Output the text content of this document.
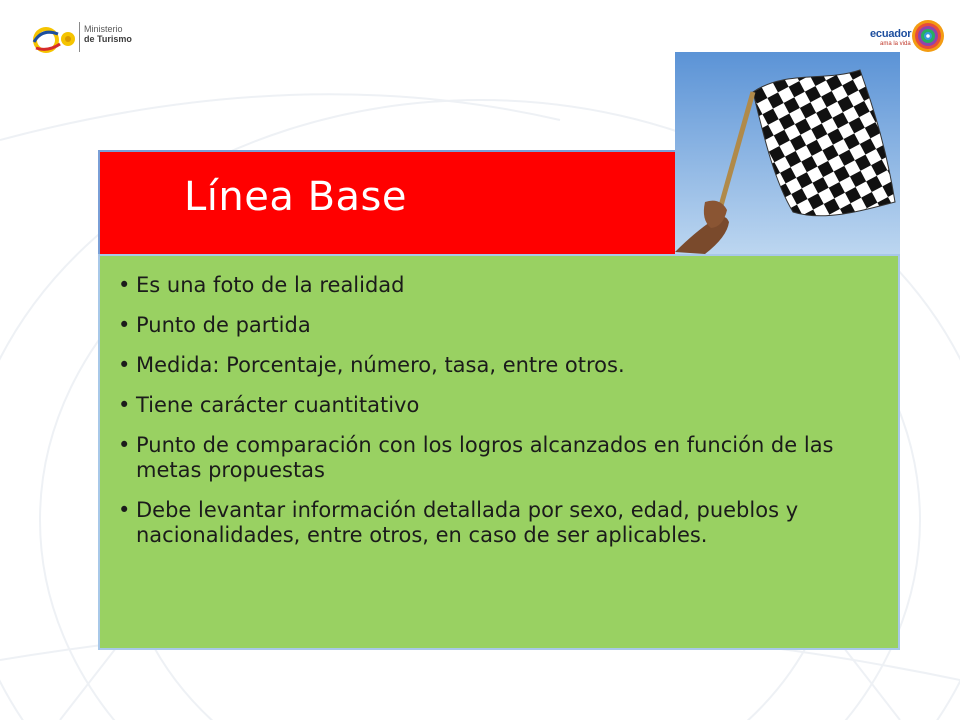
Ministerio
de Turismo	ecuador
ama la vida
Línea Base
• Es una foto de la realidad
• Punto de partida
• Medida: Porcentaje, número, tasa, entre otros.
• Tiene carácter cuantitativo
• Punto de comparación con los logros alcanzados en función de las metas propuestas
• Debe levantar información detallada por sexo, edad, pueblos y nacionalidades, entre otros, en caso de ser aplicables.
